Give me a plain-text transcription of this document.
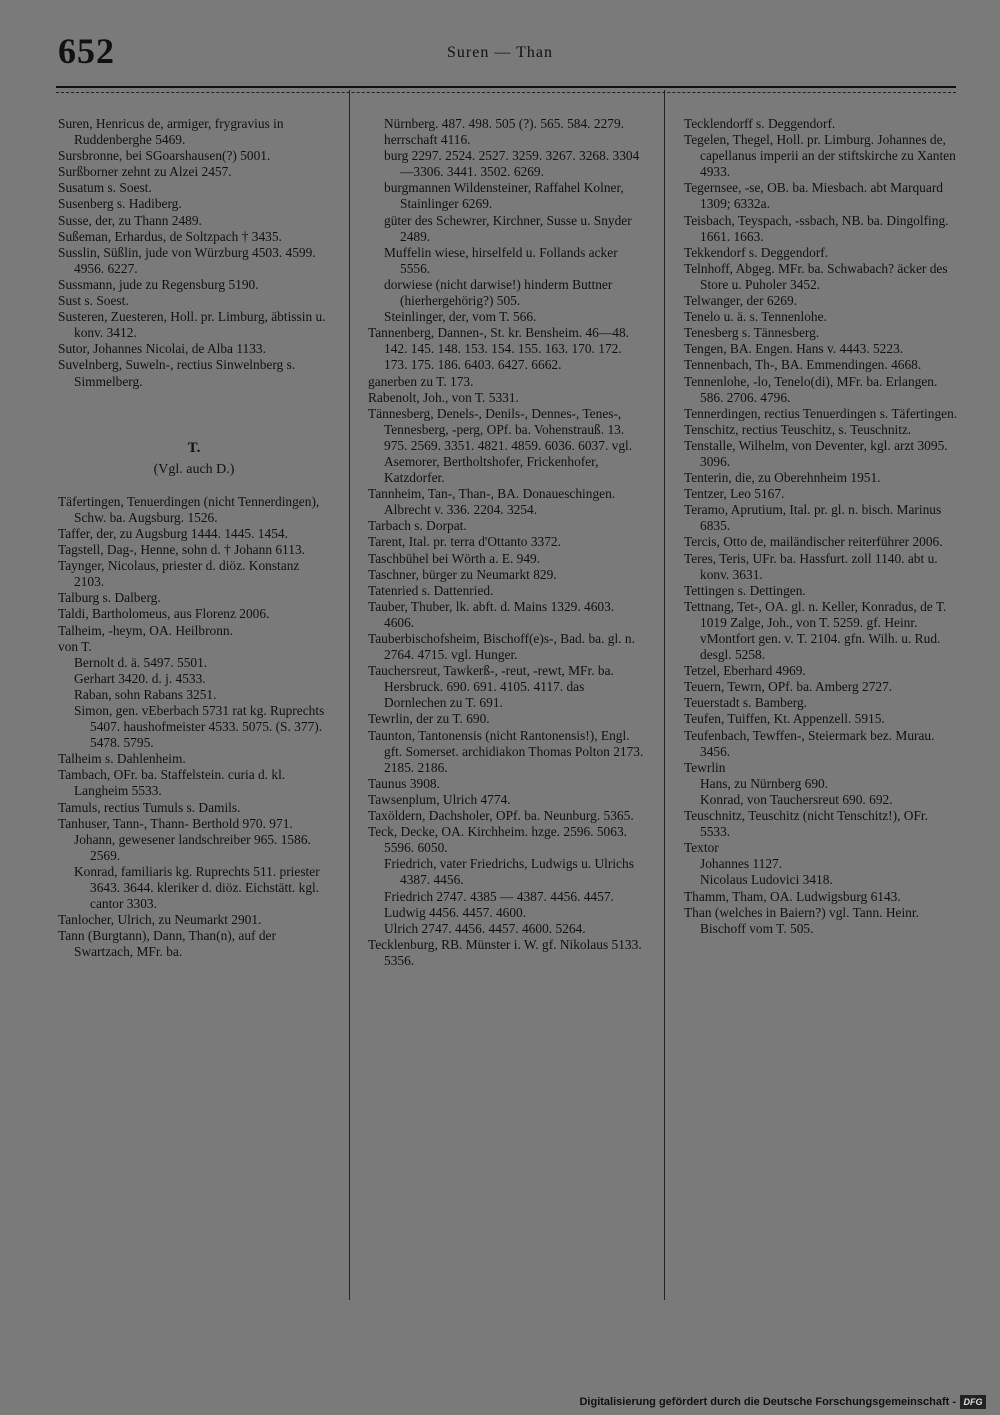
652	Suren — Than

Suren, Henricus de, armiger, frygravius in Ruddenberghe 5469.

Sursbronne, bei SGoarshausen(?) 5001.

Surßborner zehnt zu Alzei 2457.

Susatum s. Soest.

Susenberg s. Hadiberg.

Susse, der, zu Thann 2489.

Sußeman, Erhardus, de Soltzpach † 3435.

Susslin, Süßlin, jude von Würzburg 4503. 4599. 4956. 6227.

Sussmann, jude zu Regensburg 5190.

Sust s. Soest.

Susteren, Zuesteren, Holl. pr. Limburg, äbtissin u. konv. 3412.

Sutor, Johannes Nicolai, de Alba 1133.

Suvelnberg, Suweln-, rectius Sinwelnberg s. Simmelberg.

T.
(Vgl. auch D.)

Täfertingen, Tenuerdingen (nicht Tennerdingen), Schw. ba. Augsburg. 1526.

Taffer, der, zu Augsburg 1444. 1445. 1454.

Tagstell, Dag-, Henne, sohn d. † Johann 6113.

Taynger, Nicolaus, priester d. diöz. Konstanz 2103.

Talburg s. Dalberg.

Taldi, Bartholomeus, aus Florenz 2006.

Talheim, -heym, OA. Heilbronn.

von T.

Bernolt d. ä. 5497. 5501.

Gerhart 3420. d. j. 4533.

Raban, sohn Rabans 3251.

Simon, gen. vEberbach 5731 rat kg. Ruprechts 5407. haushofmeister 4533. 5075. (S. 377). 5478. 5795.

Talheim s. Dahlenheim.

Tambach, OFr. ba. Staffelstein. curia d. kl. Langheim 5533.

Tamuls, rectius Tumuls s. Damils.

Tanhuser, Tann-, Thann- Berthold 970. 971.

Johann, gewesener landschreiber 965. 1586. 2569.

Konrad, familiaris kg. Ruprechts 511. priester 3643. 3644. kleriker d. diöz. Eichstätt. kgl. cantor 3303.

Tanlocher, Ulrich, zu Neumarkt 2901.

Tann (Burgtann), Dann, Than(n), auf der Swartzach, MFr. ba.

Nürnberg. 487. 498. 505 (?). 565. 584. 2279.

herrschaft 4116.

burg 2297. 2524. 2527. 3259. 3267. 3268. 3304—3306. 3441. 3502. 6269.

burgmannen Wildensteiner, Raffahel Kolner, Stainlinger 6269.

güter des Schewrer, Kirchner, Susse u. Snyder 2489.

Muffelin wiese, hirselfeld u. Follands acker 5556.

dorwiese (nicht darwise!) hinderm Buttner (hierhergehörig?) 505.

Steinlinger, der, vom T. 566.

Tannenberg, Dannen-, St. kr. Bensheim. 46—48. 142. 145. 148. 153. 154. 155. 163. 170. 172. 173. 175. 186. 6403. 6427. 6662.

ganerben zu T. 173.

Rabenolt, Joh., von T. 5331.

Tännesberg, Denels-, Denils-, Dennes-, Tenes-, Tennesberg, -perg, OPf. ba. Vohenstrauß. 13. 975. 2569. 3351. 4821. 4859. 6036. 6037. vgl. Asemorer, Bertholtshofer, Frickenhofer, Katzdorfer.

Tannheim, Tan-, Than-, BA. Donaueschingen. Albrecht v. 336. 2204. 3254.

Tarbach s. Dorpat.

Tarent, Ital. pr. terra d'Ottanto 3372.

Taschbühel bei Wörth a. E. 949.

Taschner, bürger zu Neumarkt 829.

Tatenried s. Dattenried.

Tauber, Thuber, lk. abft. d. Mains 1329. 4603. 4606.

Tauberbischofsheim, Bischoff(e)s-, Bad. ba. gl. n. 2764. 4715. vgl. Hunger.

Tauchersreut, Tawkerß-, -reut, -rewt, MFr. ba. Hersbruck. 690. 691. 4105. 4117. das Dornlechen zu T. 691.

Tewrlin, der zu T. 690.

Taunton, Tantonensis (nicht Rantonensis!), Engl. gft. Somerset. archidiakon Thomas Polton 2173. 2185. 2186.

Taunus 3908.

Tawsenplum, Ulrich 4774.

Taxöldern, Dachsholer, OPf. ba. Neunburg. 5365.

Teck, Decke, OA. Kirchheim. hzge. 2596. 5063. 5596. 6050.

Friedrich, vater Friedrichs, Ludwigs u. Ulrichs 4387. 4456.

Friedrich 2747. 4385 — 4387. 4456. 4457.

Ludwig 4456. 4457. 4600.

Ulrich 2747. 4456. 4457. 4600. 5264.

Tecklenburg, RB. Münster i. W. gf. Nikolaus 5133. 5356.

Tecklendorff s. Deggendorf.

Tegelen, Thegel, Holl. pr. Limburg. Johannes de, capellanus imperii an der stiftskirche zu Xanten 4933.

Tegernsee, -se, OB. ba. Miesbach. abt Marquard 1309; 6332a.

Teisbach, Teyspach, -ssbach, NB. ba. Dingolfing. 1661. 1663.

Tekkendorf s. Deggendorf.

Telnhoff, Abgeg. MFr. ba. Schwabach? äcker des Store u. Puholer 3452.

Telwanger, der 6269.

Tenelo u. ä. s. Tennenlohe.

Tenesberg s. Tännesberg.

Tengen, BA. Engen. Hans v. 4443. 5223.

Tennenbach, Th-, BA. Emmendingen. 4668.

Tennenlohe, -lo, Tenelo(di), MFr. ba. Erlangen. 586. 2706. 4796.

Tennerdingen, rectius Tenuerdingen s. Täfertingen.

Tenschitz, rectius Teuschitz, s. Teuschnitz.

Tenstalle, Wilhelm, von Deventer, kgl. arzt 3095. 3096.

Tenterin, die, zu Oberehnheim 1951.

Tentzer, Leo 5167.

Teramo, Aprutium, Ital. pr. gl. n. bisch. Marinus 6835.

Tercis, Otto de, mailändischer reiterführer 2006.

Teres, Teris, UFr. ba. Hassfurt. zoll 1140. abt u. konv. 3631.

Tettingen s. Dettingen.

Tettnang, Tet-, OA. gl. n. Keller, Konradus, de T. 1019 Zalge, Joh., von T. 5259. gf. Heinr. vMontfort gen. v. T. 2104. gfn. Wilh. u. Rud. desgl. 5258.

Tetzel, Eberhard 4969.

Teuern, Tewrn, OPf. ba. Amberg 2727.

Teuerstadt s. Bamberg.

Teufen, Tuiffen, Kt. Appenzell. 5915.

Teufenbach, Tewffen-, Steiermark bez. Murau. 3456.

Tewrlin

Hans, zu Nürnberg 690.

Konrad, von Tauchersreut 690. 692.

Teuschnitz, Teuschitz (nicht Tenschitz!), OFr. 5533.

Textor

Johannes 1127.

Nicolaus Ludovici 3418.

Thamm, Tham, OA. Ludwigsburg 6143.

Than (welches in Baiern?) vgl. Tann. Heinr. Bischoff vom T. 505.

Digitalisierung gefördert durch die Deutsche Forschungsgemeinschaft - DFG
